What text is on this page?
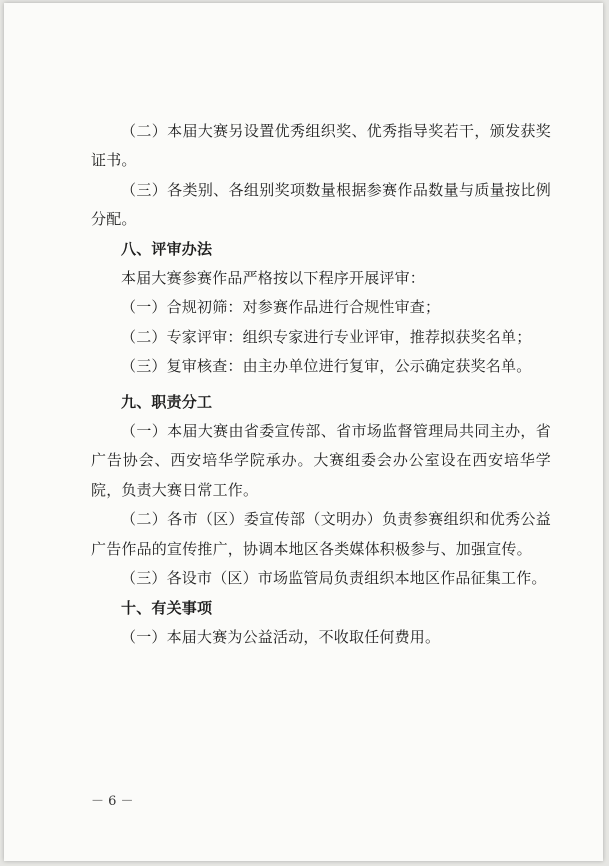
（二）本届大赛另设置优秀组织奖、优秀指导奖若干，颁发获奖证书。

（三）各类别、各组别奖项数量根据参赛作品数量与质量按比例分配。

八、评审办法

本届大赛参赛作品严格按以下程序开展评审：

（一）合规初筛：对参赛作品进行合规性审查；

（二）专家评审：组织专家进行专业评审，推荐拟获奖名单；

（三）复审核查：由主办单位进行复审，公示确定获奖名单。

九、职责分工

（一）本届大赛由省委宣传部、省市场监督管理局共同主办，省广告协会、西安培华学院承办。大赛组委会办公室设在西安培华学院，负责大赛日常工作。

（二）各市（区）委宣传部（文明办）负责参赛组织和优秀公益广告作品的宣传推广，协调本地区各类媒体积极参与、加强宣传。

（三）各设市（区）市场监管局负责组织本地区作品征集工作。

十、有关事项

（一）本届大赛为公益活动，不收取任何费用。

－ 6 －
